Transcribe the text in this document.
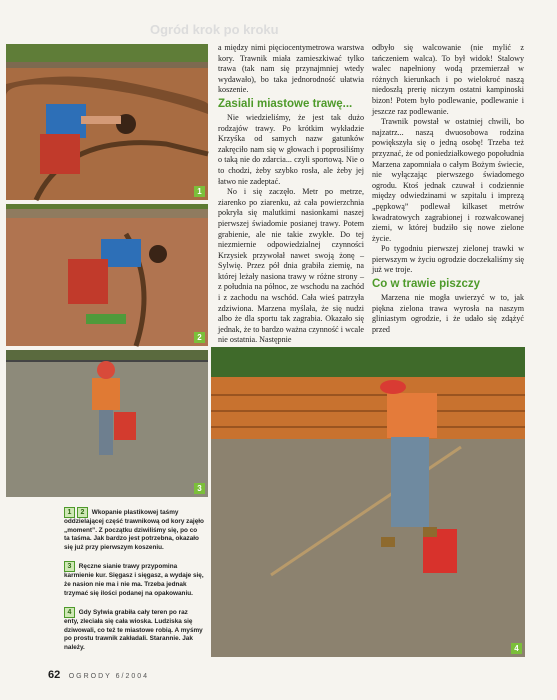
Ogród krok po kroku
1
2
3
4

a między nimi pięciocentymetrowa warstwa kory. Trawnik miała zamieszkiwać tylko trawa (tak nam się przynajmniej wtedy wydawało), bo taka jednorodność ułatwia koszenie.

Zasiali miastowe trawę...

Nie wiedzieliśmy, że jest tak dużo rodzajów trawy. Po krótkim wykładzie Krzyśka od samych nazw gatunków zakręciło nam się w głowach i poprosiliśmy o taką nie do zdarcia... czyli sportową. Nie o to chodzi, żeby szybko rosła, ale żeby jej łatwo nie zadeptać.

No i się zaczęło. Metr po metrze, ziarenko po ziarenku, aż cała powierzchnia pokryła się malutkimi nasionkami naszej pierwszej świadomie posianej trawy. Potem grabienie, ale nie takie zwykłe. Do tej niezmiernie odpowiedzialnej czynności Krzysiek przywołał nawet swoją żonę – Sylwię. Przez pół dnia grabiła ziemię, na której leżały nasiona trawy w różne strony – z południa na północ, ze wschodu na zachód i z zachodu na wschód. Cała wieś patrzyła zdziwiona. Marzena myślała, że się nudzi albo że dla sportu tak zagrabia. Okazało się jednak, że to bardzo ważna czynność i wcale nie ostatnia. Następnie

odbyło się walcowanie (nie mylić z tańczeniem walca). To był widok! Stalowy walec napełniony wodą przemierzał w różnych kierunkach i po wielokroć naszą niedoszłą prerię niczym ostatni kampinoski bizon! Potem było podlewanie, podlewanie i jeszcze raz podlewanie.

Trawnik powstał w ostatniej chwili, bo najzatrz... naszą dwuosobowa rodzina powiększyła się o jedną osobę! Trzeba też przyznać, że od poniedziałkowego popołudnia Marzena zapomniała o całym Bożym świecie, nie wyłączając pierwszego świadomego ogrodu. Ktoś jednak czuwał i codziennie między odwiedzinami w szpitalu i imprezą „pępkową” podlewał kilkaset metrów kwadratowych zagrabionej i rozwałcowanej ziemi, w której budziło się nowe zielone życie.

Po tygodniu pierwszej zielonej trawki w pierwszym w życiu ogrodzie doczekaliśmy się już we troje.

Co w trawie piszczy

Marzena nie mogła uwierzyć w to, jak piękna zielona trawa wyrosła na naszym gliniastym ogrodzie, i że udało się zdążyć przed

1 2 Wkopanie plastikowej taśmy oddzielającej część trawnikową od kory zajęło „moment”. Z początku dziwiliśmy się, po co ta taśma. Jak bardzo jest potrzebna, okazało się już przy pierwszym koszeniu.
3 Ręczne sianie trawy przypomina karmienie kur. Sięgasz i sięgasz, a wydaje się, że nasion nie ma i nie ma. Trzeba jednak trzymać się ilości podanej na opakowaniu.
4 Gdy Sylwia grabiła cały teren po raz enty, zleciała się cała wioska. Ludziska się dziwowali, co też te miastowe robią. A myśmy po prostu trawnik zakładali. Starannie. Jak należy.
62 OGRODY 6/2004
